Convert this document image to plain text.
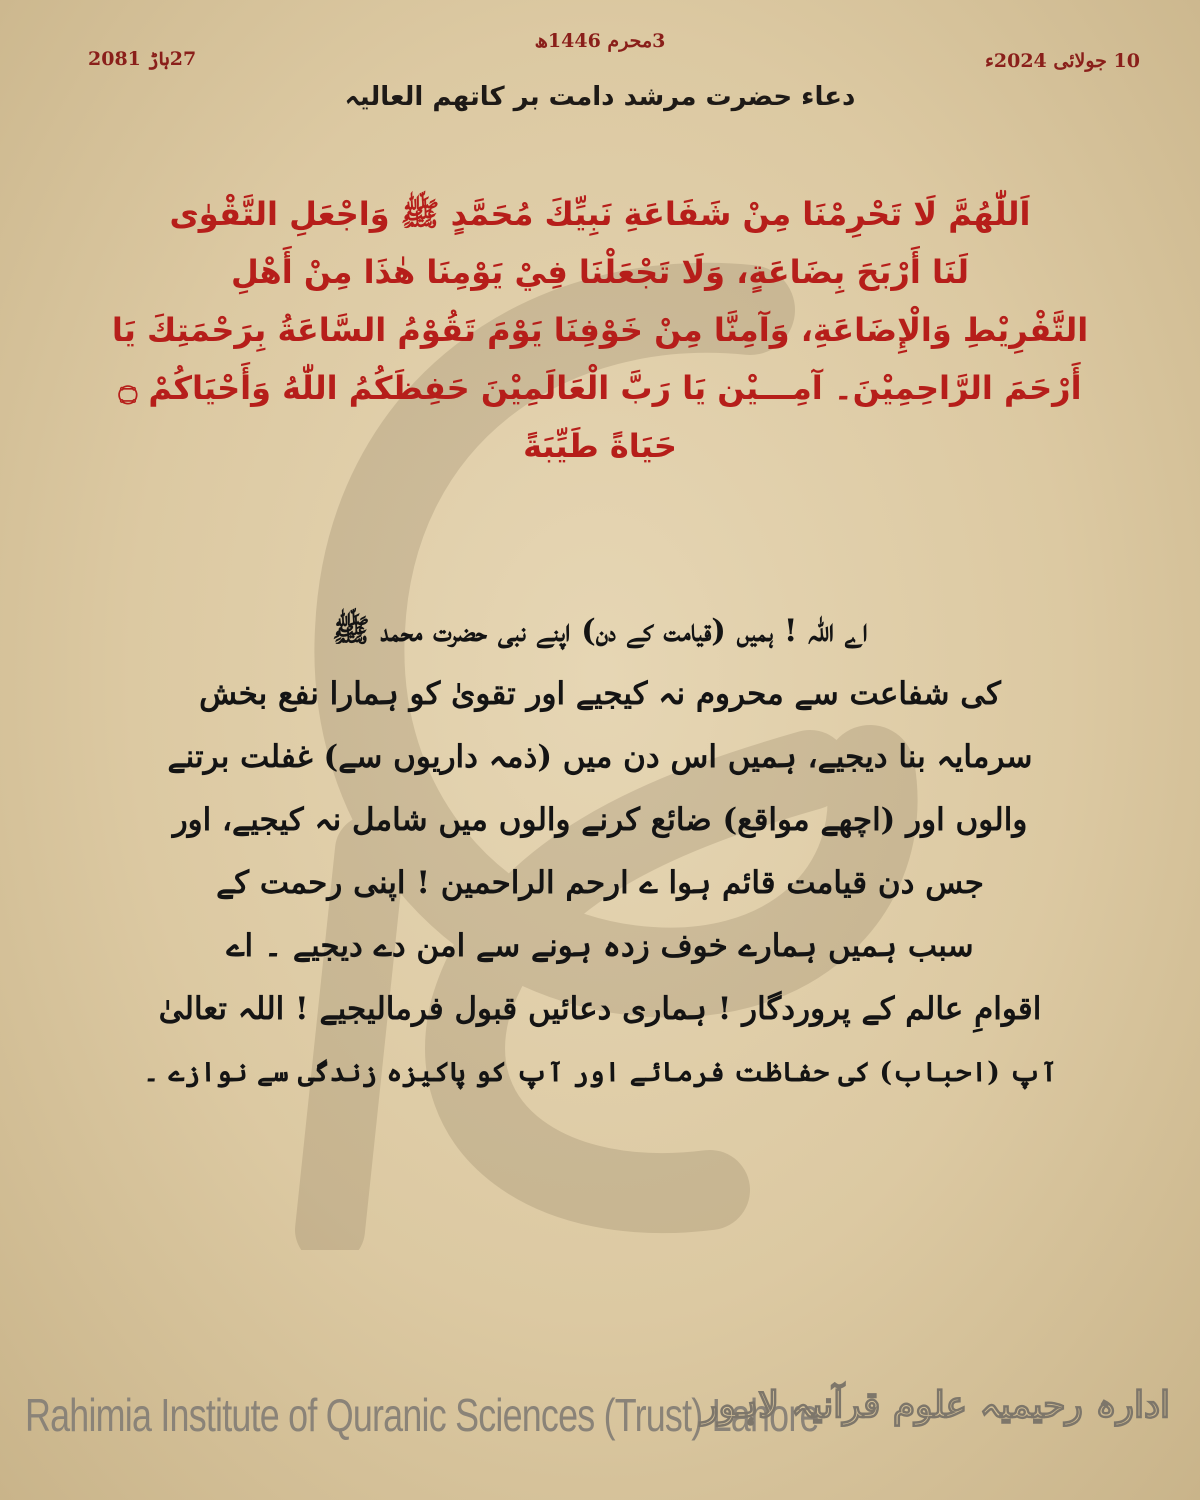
3محرم 1446ھ
10 جولائی 2024ء
27ہاڑ 2081
دعاء حضرت مرشد دامت بر کاتھم العالیہ
اَللّٰھُمَّ لَا تَحْرِمْنَا مِنْ شَفَاعَةِ نَبِيِّكَ مُحَمَّدٍ ﷺ وَاجْعَلِ التَّقْوٰى
لَنَا أَرْبَحَ بِضَاعَةٍ، وَلَا تَجْعَلْنَا فِيْ يَوْمِنَا هٰذَا مِنْ أَهْلِ
التَّفْرِيْطِ وَالْإِضَاعَةِ، وَآمِنَّا مِنْ خَوْفِنَا يَوْمَ تَقُوْمُ السَّاعَةُ بِرَحْمَتِكَ يَا
أَرْحَمَ الرَّاحِمِيْنَ۔ آمِـــيْن يَا رَبَّ الْعَالَمِيْنَ حَفِظَكُمُ اللّٰهُ وَأَحْيَاكُمْ ۝
حَيَاةً طَيِّبَةً
اے اللہ ! ہمیں (قیامت کے دن) اپنے نبی حضرت محمد ﷺ
کی شفاعت سے محروم نہ کیجیے اور تقویٰ کو ہمارا نفع بخش
سرمایہ بنا دیجیے، ہمیں اس دن میں (ذمہ داریوں سے) غفلت برتنے
والوں اور (اچھے مواقع) ضائع کرنے والوں میں شامل نہ کیجیے، اور
جس دن قیامت قائم ہوا ے ارحم الراحمین ! اپنی رحمت کے
سبب ہمیں ہمارے خوف زدہ ہونے سے امن دے دیجیے ۔ اے
اقوامِ عالم کے پروردگار ! ہماری دعائیں قبول فرمالیجیے ! اللہ تعالیٰ
آپ (احباب) کی حفاظت فرمائے اور آپ کو پاکیزہ زندگی سے نوازے ۔
Rahimia Institute of Quranic Sciences (Trust) Lahore
ادارہ رحیمیہ علوم قرآنیہ لاہور
